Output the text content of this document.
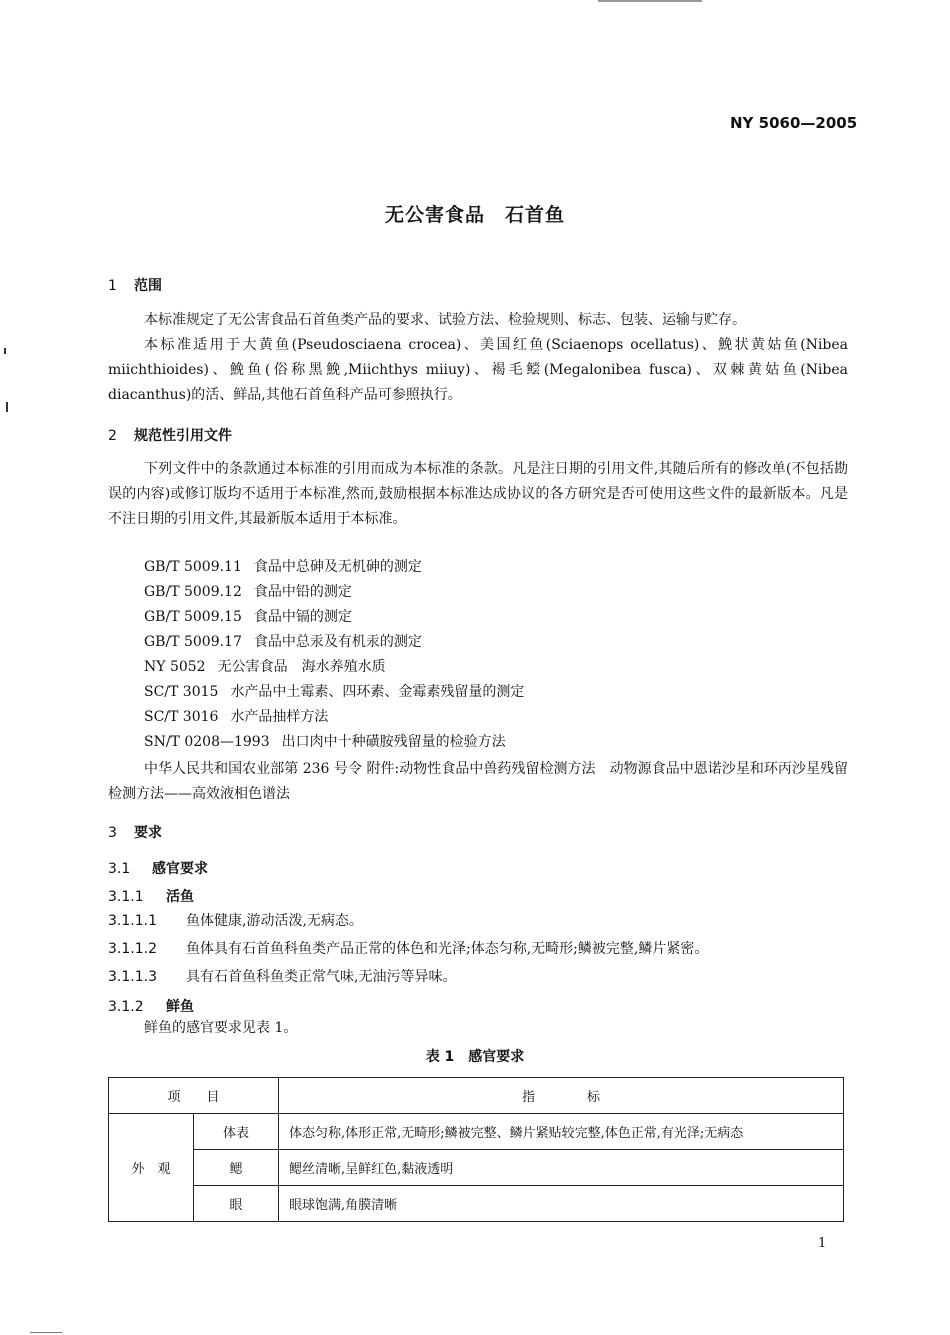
NY 5060—2005
无公害食品　石首鱼
1 范围
本标准规定了无公害食品石首鱼类产品的要求、试验方法、检验规则、标志、包装、运输与贮存。
本标准适用于大黄鱼(Pseudosciaena crocea)、美国红鱼(Sciaenops ocellatus)、鮸状黄姑鱼(Nibea miichthioides)、鮸鱼(俗称黑鮸,Miichthys miiuy)、褐毛鲿(Megalonibea fusca)、双棘黄姑鱼(Nibea diacanthus)的活、鲜品,其他石首鱼科产品可参照执行。
2 规范性引用文件
下列文件中的条款通过本标准的引用而成为本标准的条款。凡是注日期的引用文件,其随后所有的修改单(不包括勘误的内容)或修订版均不适用于本标准,然而,鼓励根据本标准达成协议的各方研究是否可使用这些文件的最新版本。凡是不注日期的引用文件,其最新版本适用于本标准。
GB/T 5009.11 食品中总砷及无机砷的测定
GB/T 5009.12 食品中铅的测定
GB/T 5009.15 食品中镉的测定
GB/T 5009.17 食品中总汞及有机汞的测定
NY 5052 无公害食品　海水养殖水质
SC/T 3015 水产品中土霉素、四环素、金霉素残留量的测定
SC/T 3016 水产品抽样方法
SN/T 0208—1993 出口肉中十种磺胺残留量的检验方法
中华人民共和国农业部第 236 号令 附件:动物性食品中兽药残留检测方法　动物源食品中恩诺沙星和环丙沙星残留检测方法——高效液相色谱法
3 要求
3.1 感官要求
3.1.1 活鱼
3.1.1.1 鱼体健康,游动活泼,无病态。
3.1.1.2 鱼体具有石首鱼科鱼类产品正常的体色和光泽;体态匀称,无畸形;鳞被完整,鳞片紧密。
3.1.1.3 具有石首鱼科鱼类正常气味,无油污等异味。
3.1.2 鲜鱼
鲜鱼的感官要求见表 1。
表 1　感官要求
项　　目		指　　　　标
外　观	体表	体态匀称,体形正常,无畸形;鳞被完整、鳞片紧贴较完整,体色正常,有光泽;无病态
	鳃	鳃丝清晰,呈鲜红色,黏液透明
	眼	眼球饱满,角膜清晰
1
